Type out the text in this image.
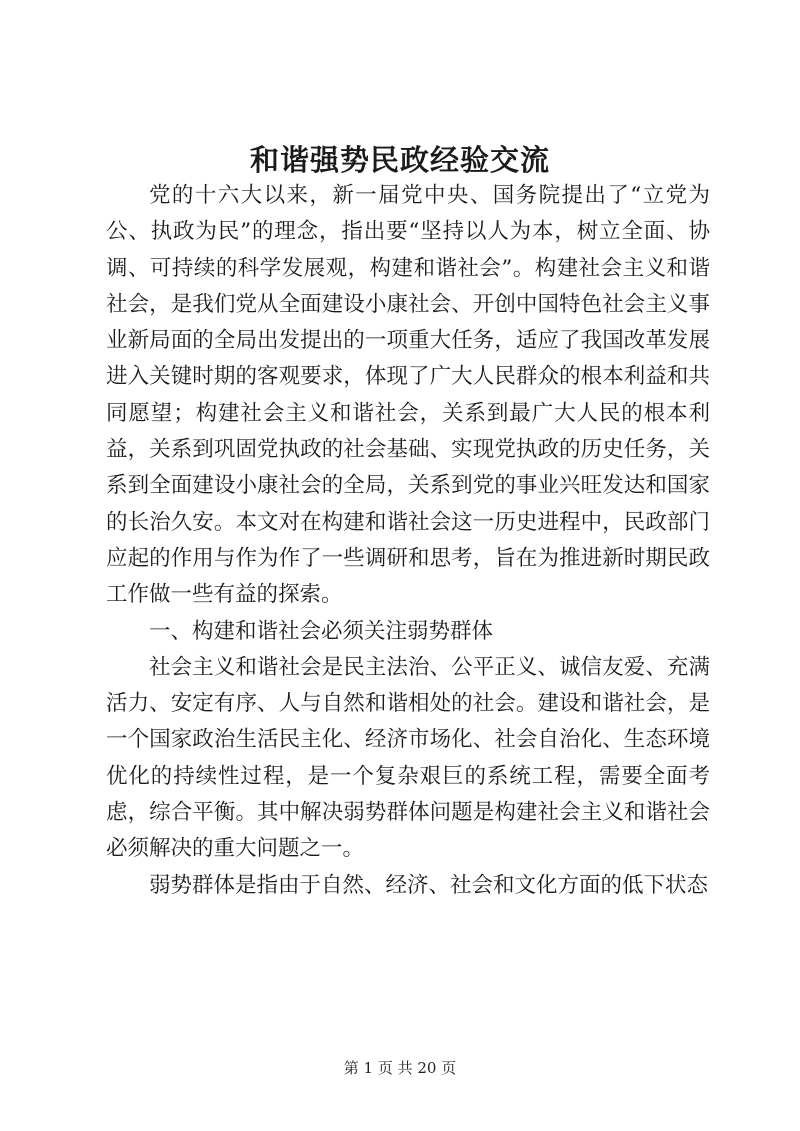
和谐强势民政经验交流

党的十六大以来，新一届党中央、国务院提出了“立党为公、执政为民”的理念，指出要“坚持以人为本，树立全面、协调、可持续的科学发展观，构建和谐社会”。构建社会主义和谐社会，是我们党从全面建设小康社会、开创中国特色社会主义事业新局面的全局出发提出的一项重大任务，适应了我国改革发展进入关键时期的客观要求，体现了广大人民群众的根本利益和共同愿望；构建社会主义和谐社会，关系到最广大人民的根本利益，关系到巩固党执政的社会基础、实现党执政的历史任务，关系到全面建设小康社会的全局，关系到党的事业兴旺发达和国家的长治久安。本文对在构建和谐社会这一历史进程中，民政部门应起的作用与作为作了一些调研和思考，旨在为推进新时期民政工作做一些有益的探索。

一、构建和谐社会必须关注弱势群体

社会主义和谐社会是民主法治、公平正义、诚信友爱、充满活力、安定有序、人与自然和谐相处的社会。建设和谐社会，是一个国家政治生活民主化、经济市场化、社会自治化、生态环境优化的持续性过程，是一个复杂艰巨的系统工程，需要全面考虑，综合平衡。其中解决弱势群体问题是构建社会主义和谐社会必须解决的重大问题之一。

弱势群体是指由于自然、经济、社会和文化方面的低下状态

第 1 页 共 20 页
